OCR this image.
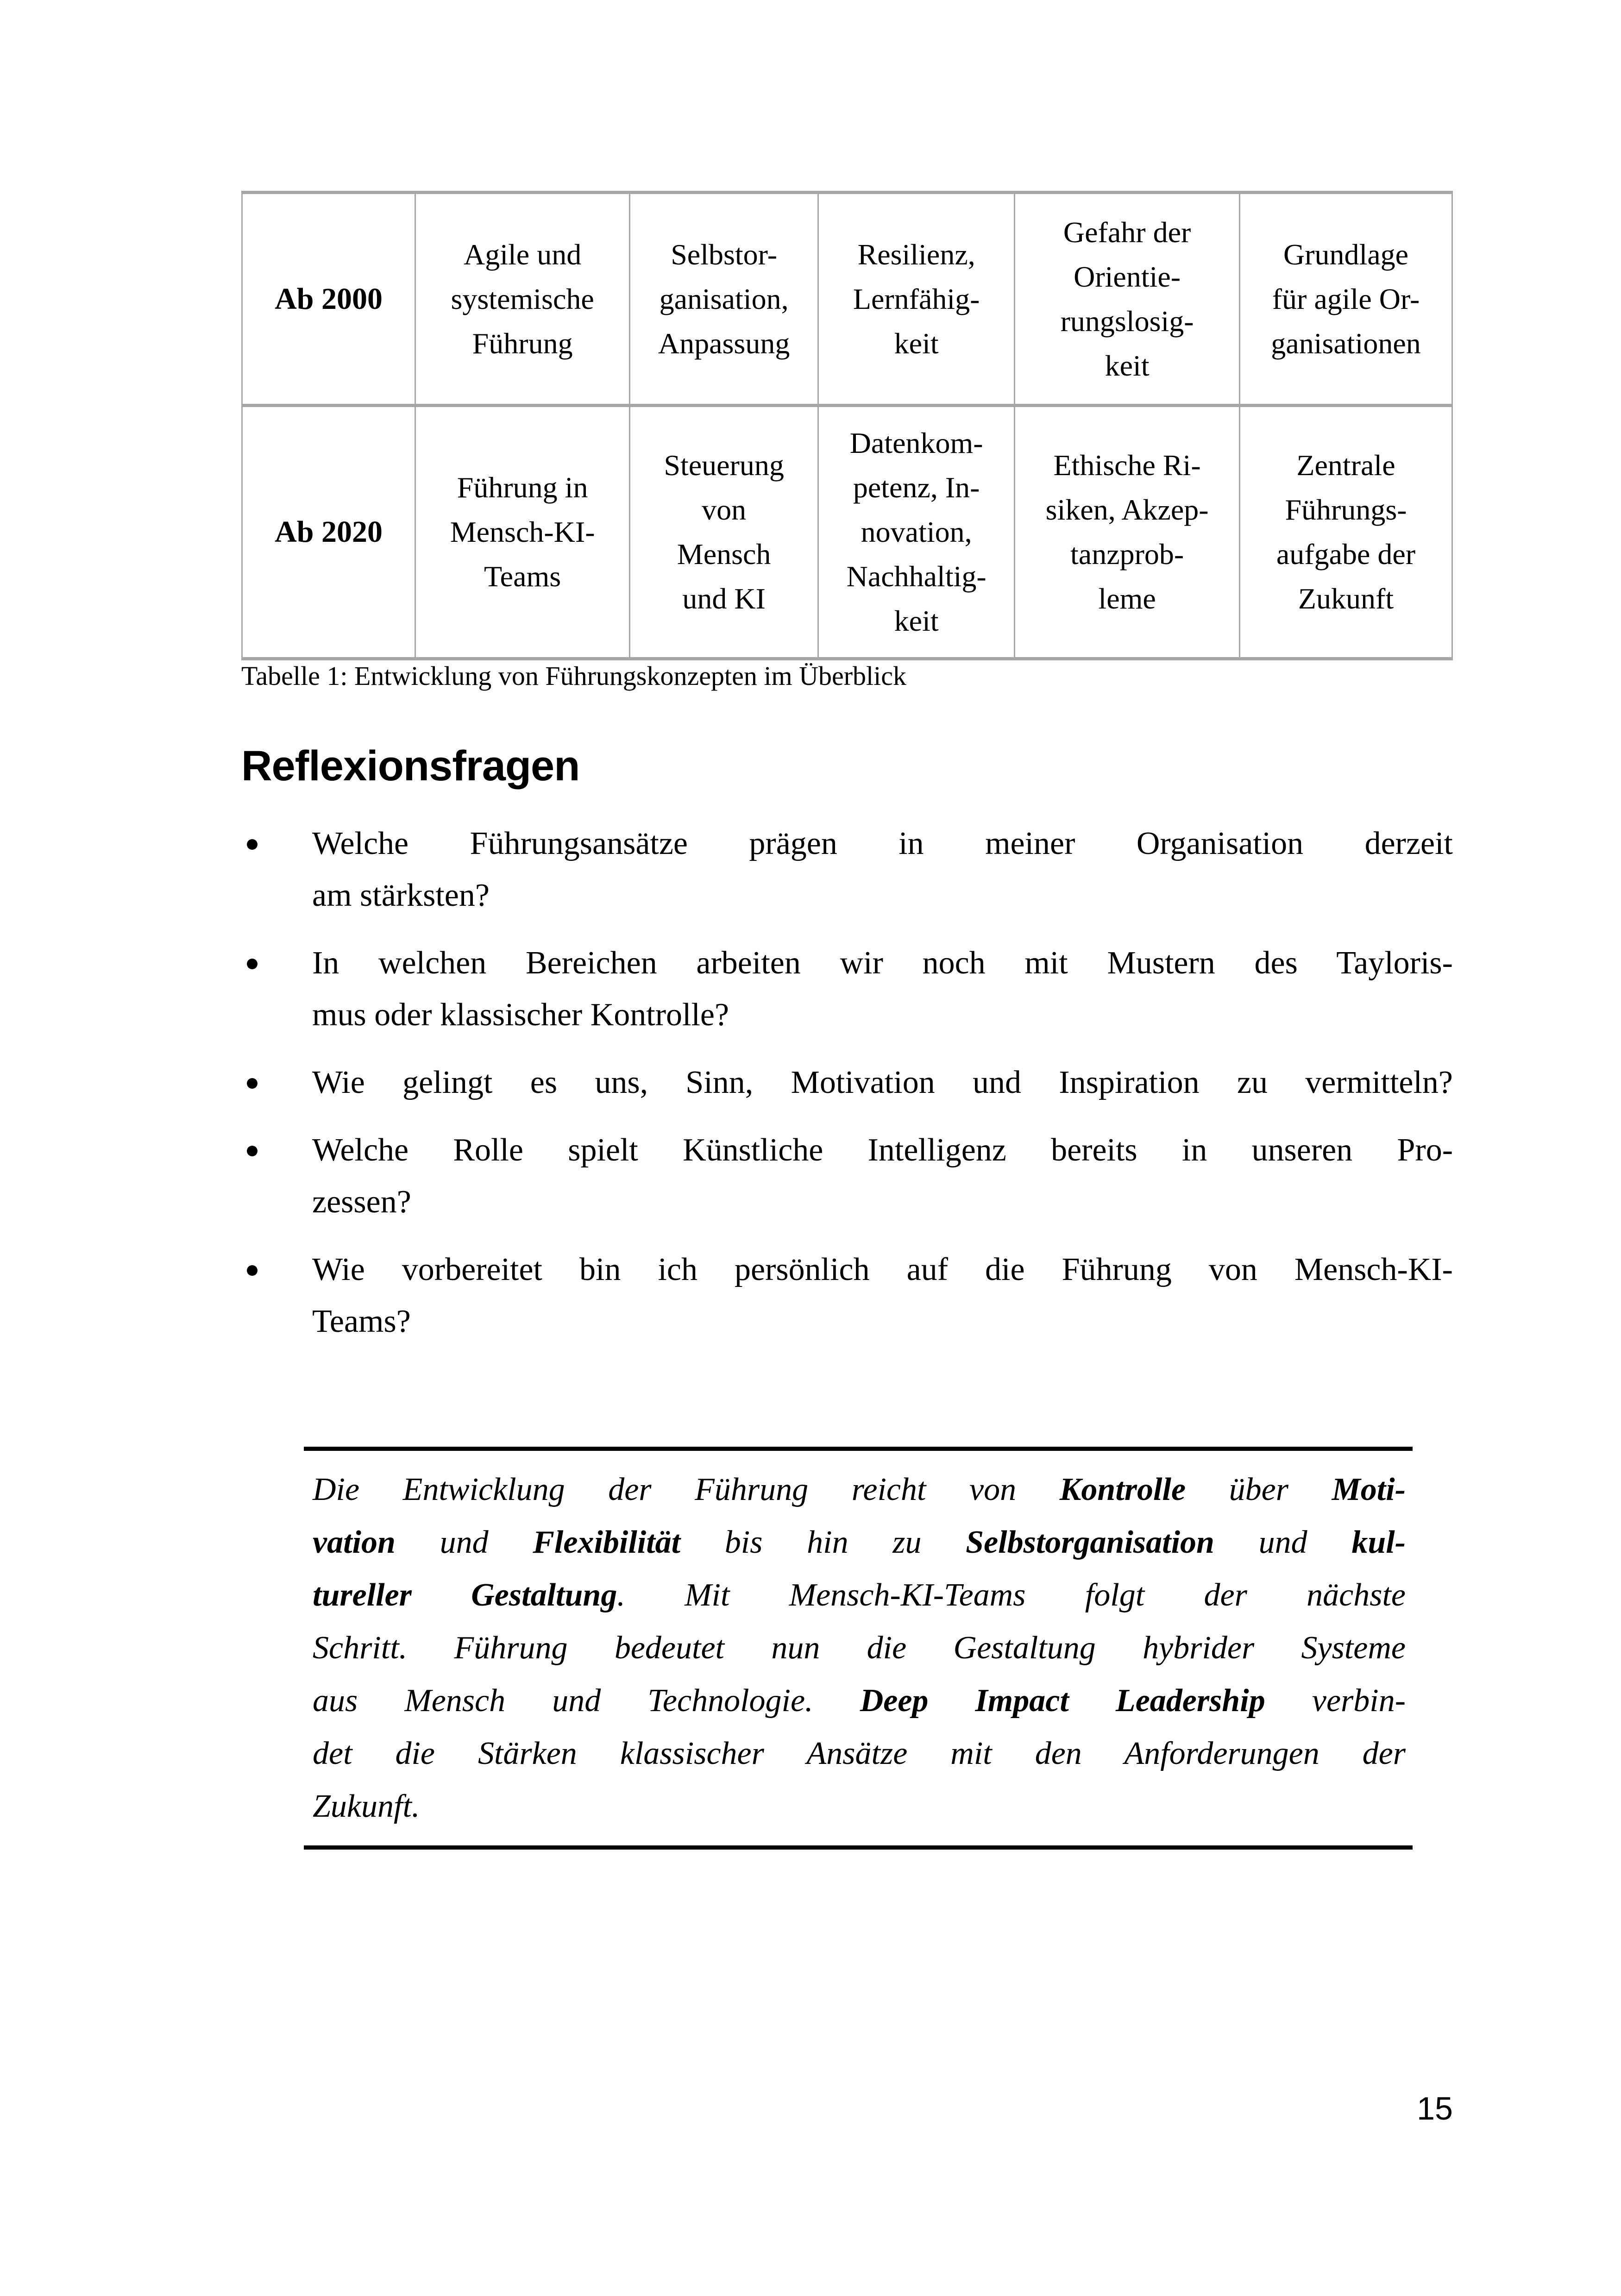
Ab 2000
Agile und
systemische
Führung
Selbstor-
ganisation,
Anpassung
Resilienz,
Lernfähig-
keit
Gefahr der
Orientie-
rungslosig-
keit
Grundlage
für agile Or-
ganisationen
Ab 2020
Führung in
Mensch-KI-
Teams
Steuerung
von
Mensch
und KI
Datenkom-
petenz, In-
novation,
Nachhaltig-
keit
Ethische Ri-
siken, Akzep-
tanzprob-
leme
Zentrale
Führungs-
aufgabe der
Zukunft
Tabelle 1: Entwicklung von Führungskonzepten im Überblick
Reflexionsfragen
Welche Führungsansätze prägen in meiner Organisation derzeit
am stärksten?
In welchen Bereichen arbeiten wir noch mit Mustern des Tayloris-
mus oder klassischer Kontrolle?
Wie gelingt es uns, Sinn, Motivation und Inspiration zu vermitteln?
Welche Rolle spielt Künstliche Intelligenz bereits in unseren Pro-
zessen?
Wie vorbereitet bin ich persönlich auf die Führung von Mensch-KI-
Teams?
Die Entwicklung der Führung reicht von Kontrolle über Moti-
vation und Flexibilität bis hin zu Selbstorganisation und kul-
tureller Gestaltung. Mit Mensch-KI-Teams folgt der nächste
Schritt. Führung bedeutet nun die Gestaltung hybrider Systeme
aus Mensch und Technologie. Deep Impact Leadership verbin-
det die Stärken klassischer Ansätze mit den Anforderungen der
Zukunft.
15
